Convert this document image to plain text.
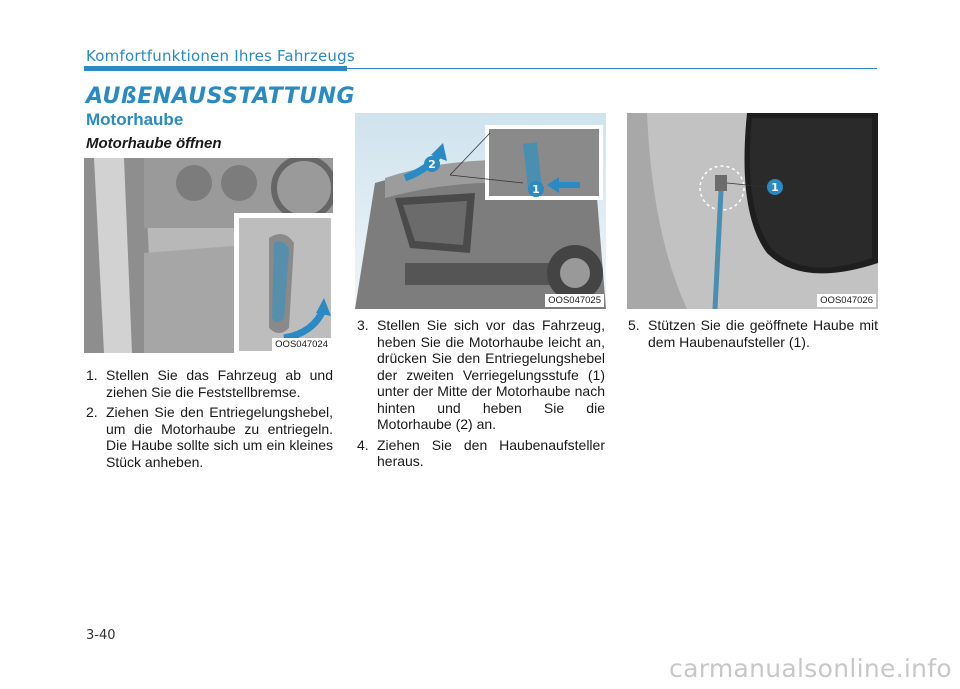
Komfortfunktionen Ihres Fahrzeugs
AUßENAUSSTATTUNG
Motorhaube
Motorhaube öffnen
OOS047024
2
1
OOS047025
1
OOS047026
1. Stellen Sie das Fahrzeug ab und ziehen Sie die Feststellbremse.
2. Ziehen Sie den Entriegelungshebel, um die Motorhaube zu entriegeln. Die Haube sollte sich um ein kleines Stück anheben.
3. Stellen Sie sich vor das Fahrzeug, heben Sie die Motorhaube leicht an, drücken Sie den Entriegelungshebel der zweiten Verriegelungsstufe (1) unter der Mitte der Motorhaube nach hinten und heben Sie die Motorhaube (2) an.
4. Ziehen Sie den Haubenaufsteller heraus.
5. Stützen Sie die geöffnete Haube mit dem Haubenaufsteller (1).
3-40
carmanualsonline.info
